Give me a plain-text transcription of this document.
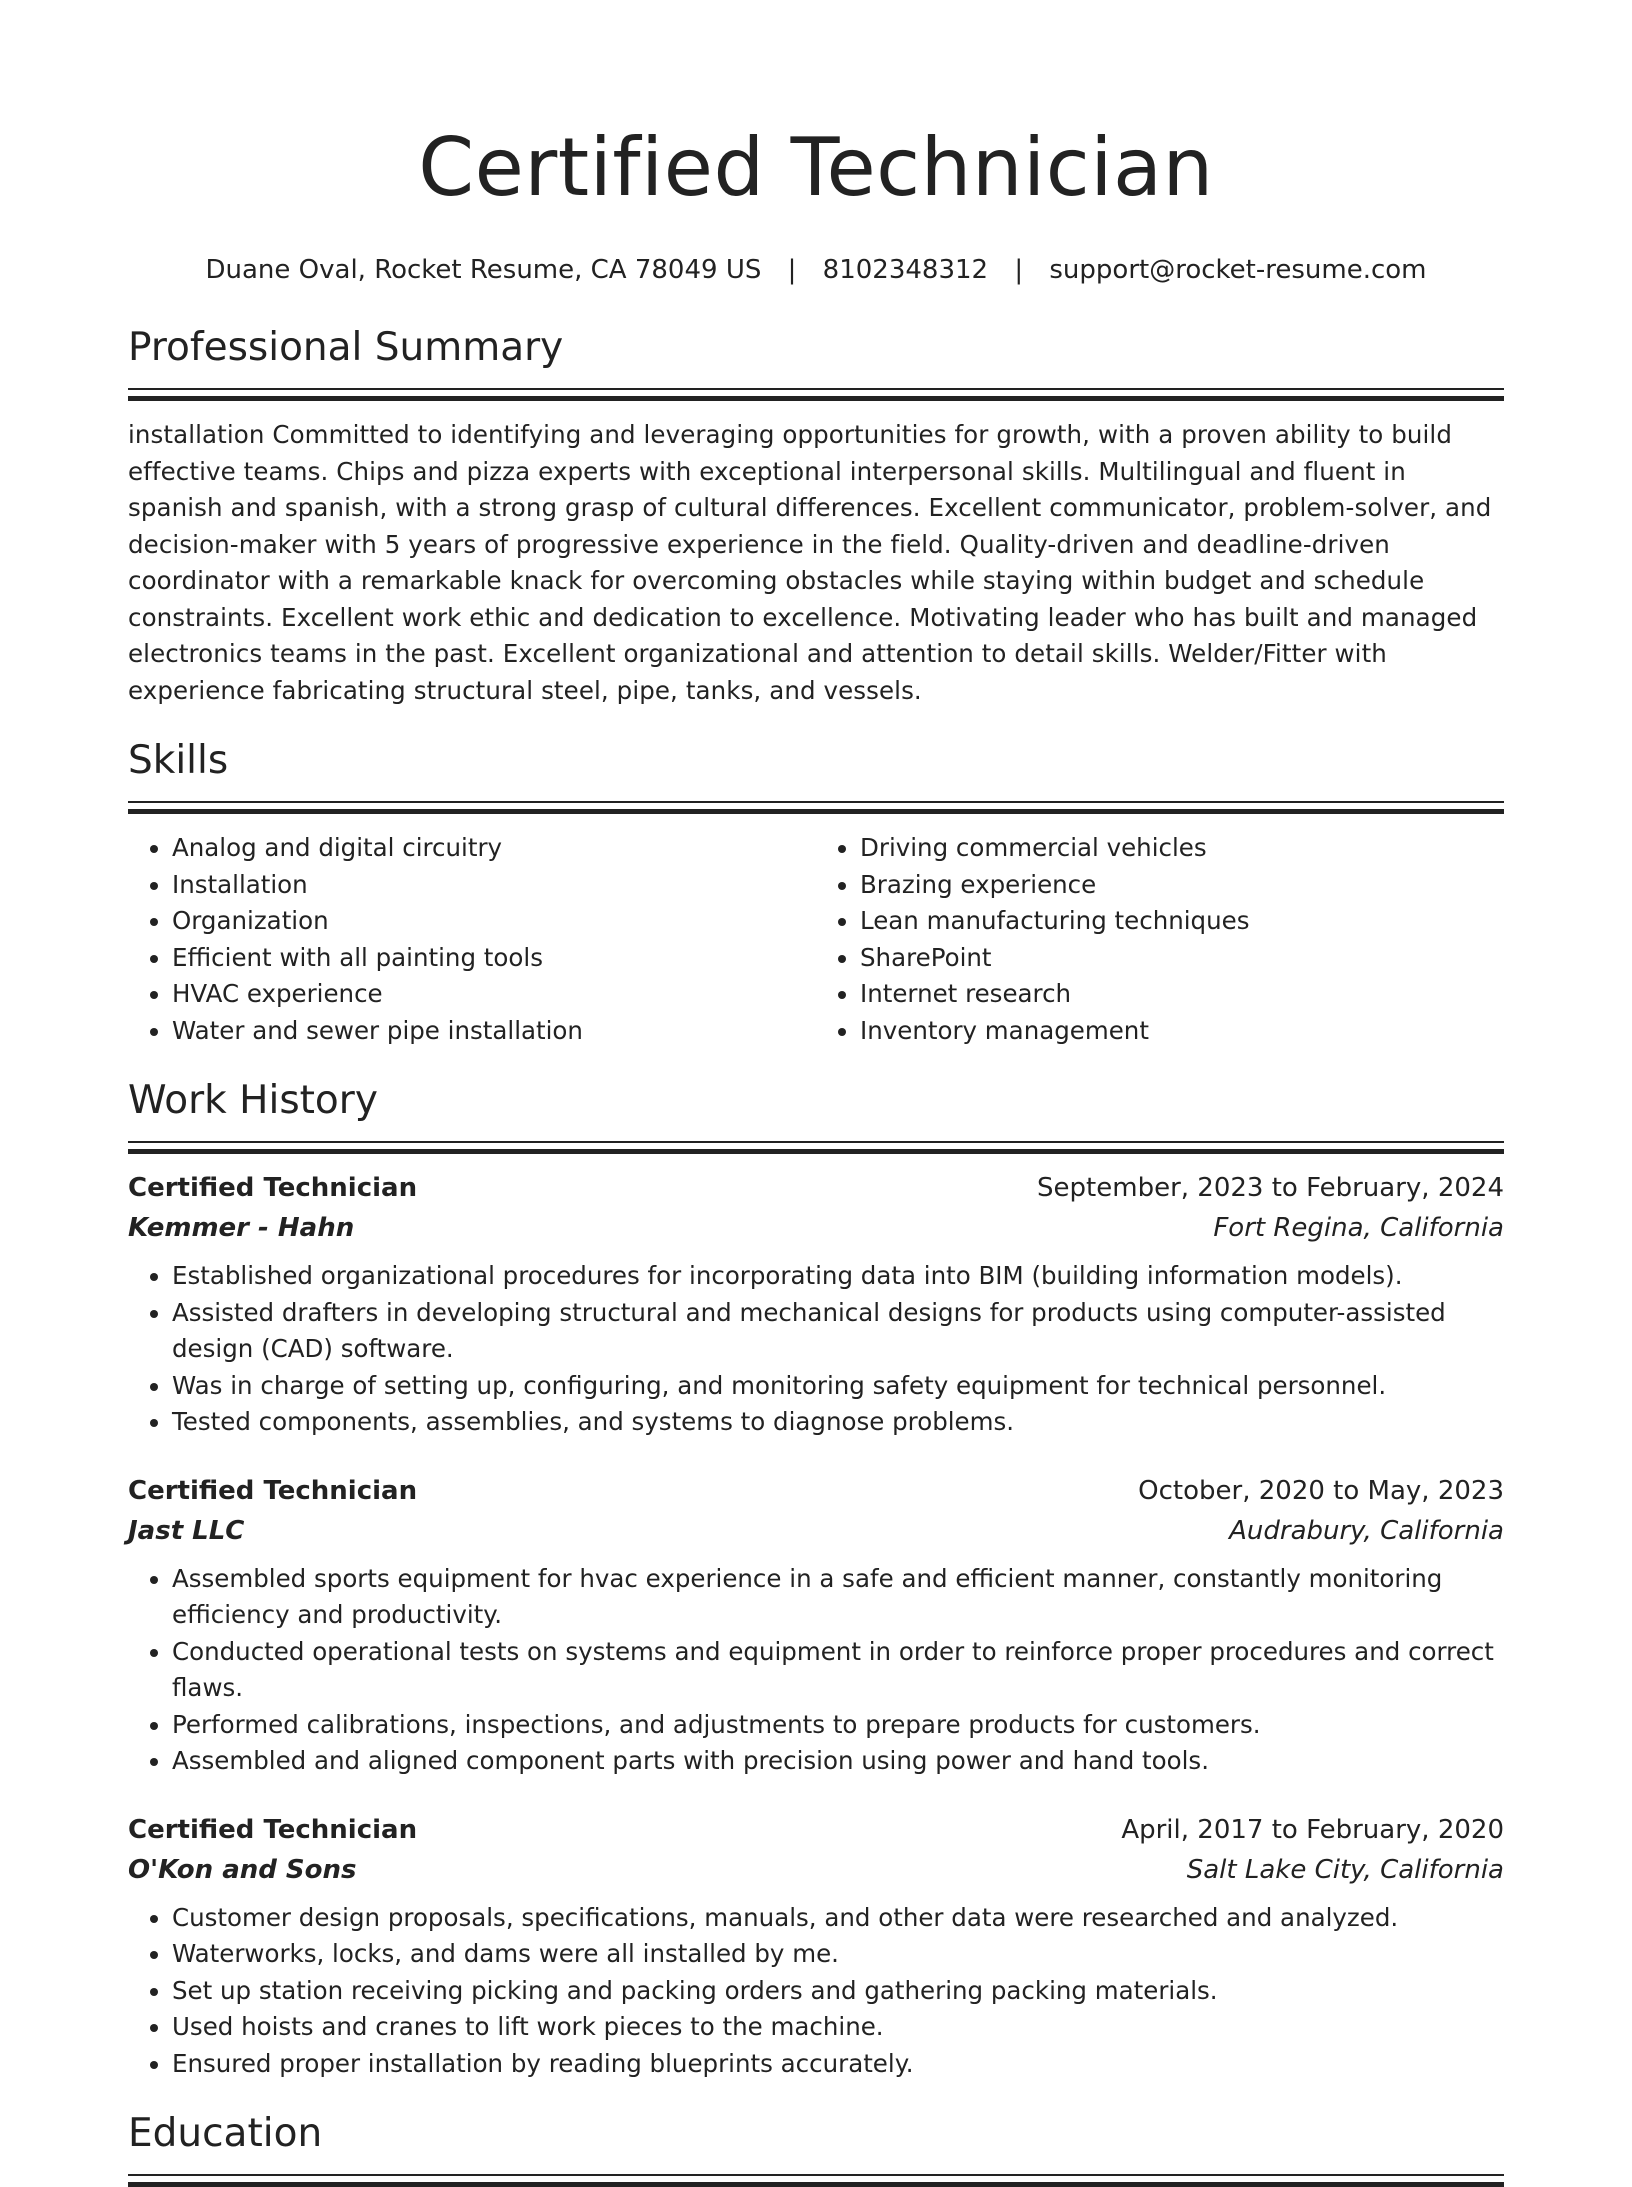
Certified Technician
Duane Oval, Rocket Resume, CA 78049 US | 8102348312 | support@rocket-resume.com
Professional Summary

installation Committed to identifying and leveraging opportunities for growth, with a proven ability to build effective teams. Chips and pizza experts with exceptional interpersonal skills. Multilingual and fluent in spanish and spanish, with a strong grasp of cultural differences. Excellent communicator, problem-solver, and decision-maker with 5 years of progressive experience in the field. Quality-driven and deadline-driven coordinator with a remarkable knack for overcoming obstacles while staying within budget and schedule constraints. Excellent work ethic and dedication to excellence. Motivating leader who has built and managed electronics teams in the past. Excellent organizational and attention to detail skills. Welder/Fitter with experience fabricating structural steel, pipe, tanks, and vessels.

Skills
• Analog and digital circuitry
• Installation
• Organization
• Efficient with all painting tools
• HVAC experience
• Water and sewer pipe installation
• Driving commercial vehicles
• Brazing experience
• Lean manufacturing techniques
• SharePoint
• Internet research
• Inventory management
Work History
Certified Technician	September, 2023 to February, 2024
Kemmer - Hahn	Fort Regina, California
• Established organizational procedures for incorporating data into BIM (building information models).
• Assisted drafters in developing structural and mechanical designs for products using computer-assisted design (CAD) software.
• Was in charge of setting up, configuring, and monitoring safety equipment for technical personnel.
• Tested components, assemblies, and systems to diagnose problems.
Certified Technician	October, 2020 to May, 2023
Jast LLC	Audrabury, California
• Assembled sports equipment for hvac experience in a safe and efficient manner, constantly monitoring efficiency and productivity.
• Conducted operational tests on systems and equipment in order to reinforce proper procedures and correct flaws.
• Performed calibrations, inspections, and adjustments to prepare products for customers.
• Assembled and aligned component parts with precision using power and hand tools.
Certified Technician	April, 2017 to February, 2020
O'Kon and Sons	Salt Lake City, California
• Customer design proposals, specifications, manuals, and other data were researched and analyzed.
• Waterworks, locks, and dams were all installed by me.
• Set up station receiving picking and packing orders and gathering packing materials.
• Used hoists and cranes to lift work pieces to the machine.
• Ensured proper installation by reading blueprints accurately.
Education
